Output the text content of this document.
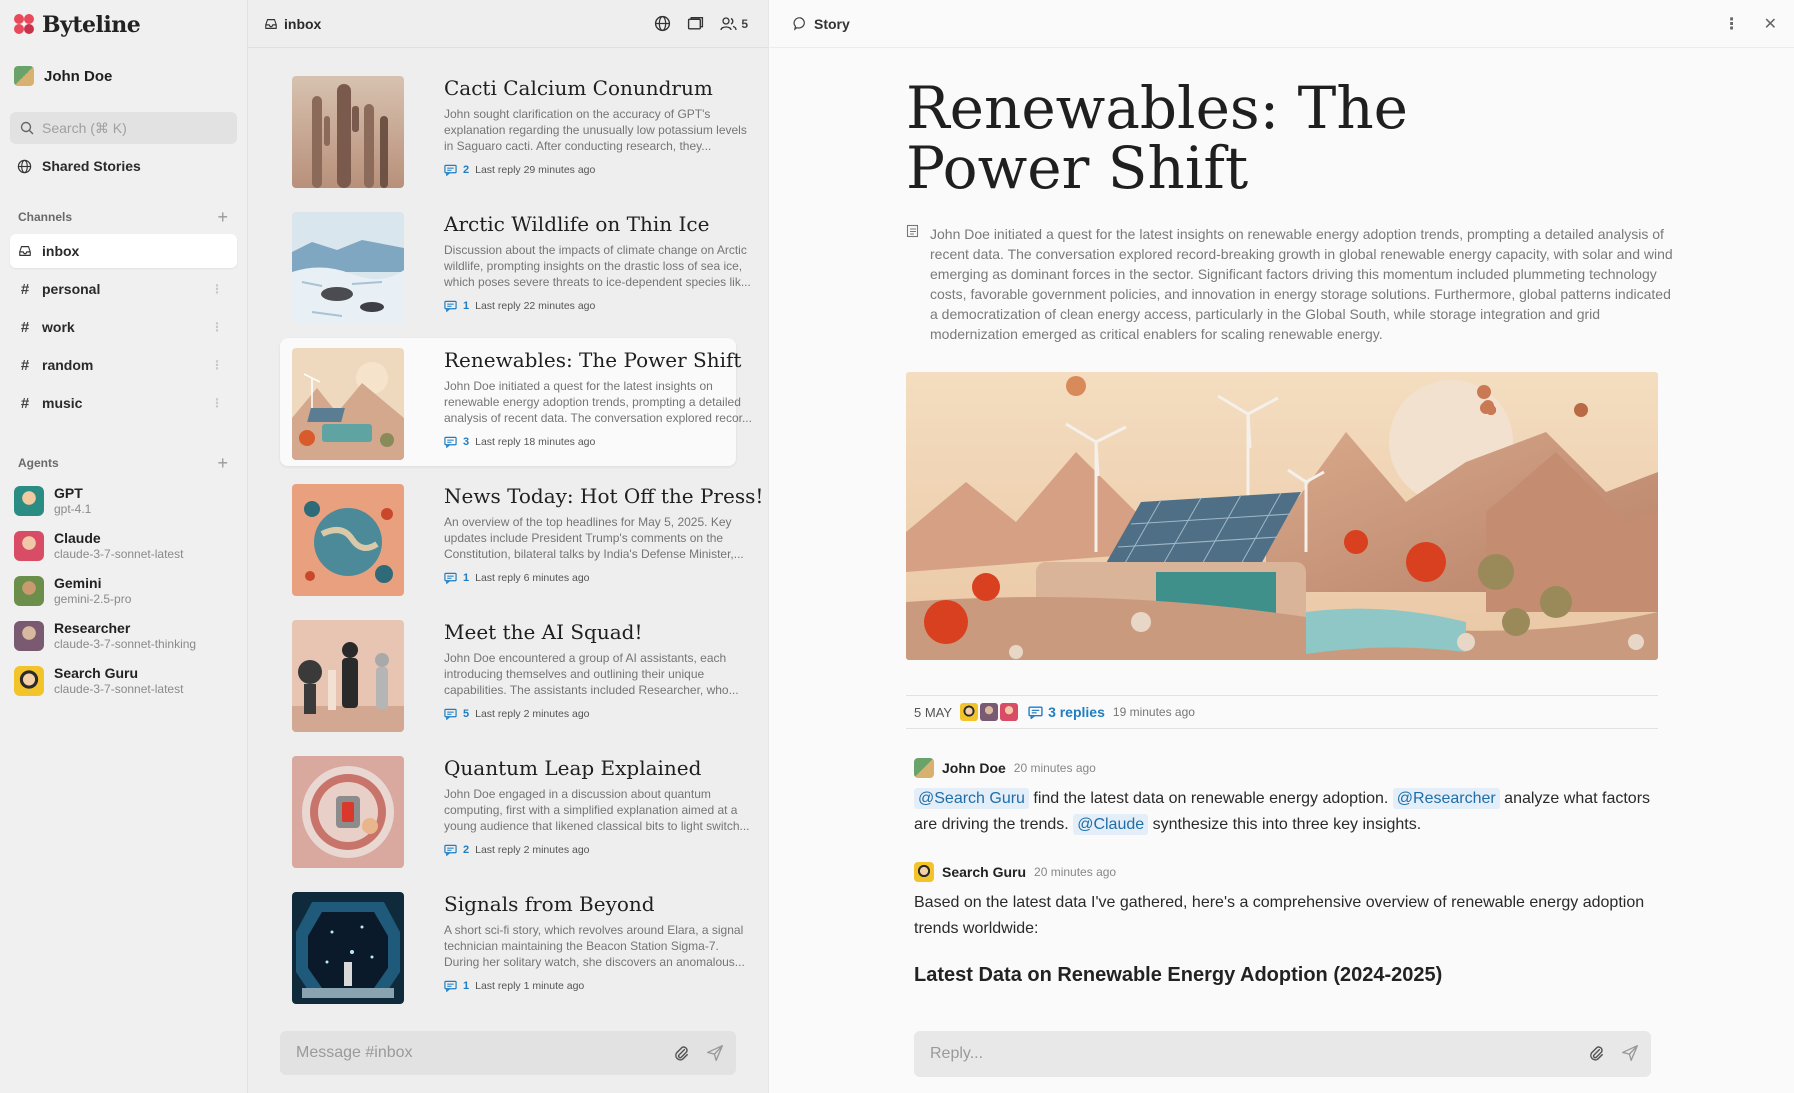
Byteline
John Doe
Search (⌘ K)
Shared Stories
Channels	+
inbox
# personal	⋮
# work	⋮
# random	⋮
# music	⋮
Agents	+
GPT
gpt-4.1
Claude
claude-3-7-sonnet-latest
Gemini
gemini-2.5-pro
Researcher
claude-3-7-sonnet-thinking
Search Guru
claude-3-7-sonnet-latest
inbox	5
Cacti Calcium Conundrum
John sought clarification on the accuracy of GPT's explanation regarding the unusually low potassium levels in Saguaro cacti. After conducting research, they...
2 Last reply 29 minutes ago
Arctic Wildlife on Thin Ice
Discussion about the impacts of climate change on Arctic wildlife, prompting insights on the drastic loss of sea ice, which poses severe threats to ice-dependent species lik...
1 Last reply 22 minutes ago
Renewables: The Power Shift
John Doe initiated a quest for the latest insights on renewable energy adoption trends, prompting a detailed analysis of recent data. The conversation explored recor...
3 Last reply 18 minutes ago
News Today: Hot Off the Press!
An overview of the top headlines for May 5, 2025. Key updates include President Trump's comments on the Constitution, bilateral talks by India's Defense Minister,...
1 Last reply 6 minutes ago
Meet the AI Squad!
John Doe encountered a group of AI assistants, each introducing themselves and outlining their unique capabilities. The assistants included Researcher, who...
5 Last reply 2 minutes ago
Quantum Leap Explained
John Doe engaged in a discussion about quantum computing, first with a simplified explanation aimed at a young audience that likened classical bits to light switch...
2 Last reply 2 minutes ago
Signals from Beyond
A short sci-fi story, which revolves around Elara, a signal technician maintaining the Beacon Station Sigma-7. During her solitary watch, she discovers an anomalous...
1 Last reply 1 minute ago
Message #inbox
Story	⋮ ✕
Renewables: The Power Shift
John Doe initiated a quest for the latest insights on renewable energy adoption trends, prompting a detailed analysis of recent data. The conversation explored record-breaking growth in global renewable energy capacity, with solar and wind emerging as dominant forces in the sector. Significant factors driving this momentum included plummeting technology costs, favorable government policies, and innovation in energy storage solutions. Furthermore, global patterns indicated a democratization of clean energy access, particularly in the Global South, while storage integration and grid modernization emerged as critical enablers for scaling renewable energy.
5 MAY	3 replies 19 minutes ago
John Doe 20 minutes ago
@Search Guru find the latest data on renewable energy adoption. @Researcher analyze what factors are driving the trends. @Claude synthesize this into three key insights.
Search Guru 20 minutes ago
Based on the latest data I've gathered, here's a comprehensive overview of renewable energy adoption trends worldwide:
Latest Data on Renewable Energy Adoption (2024-2025)
Reply...
